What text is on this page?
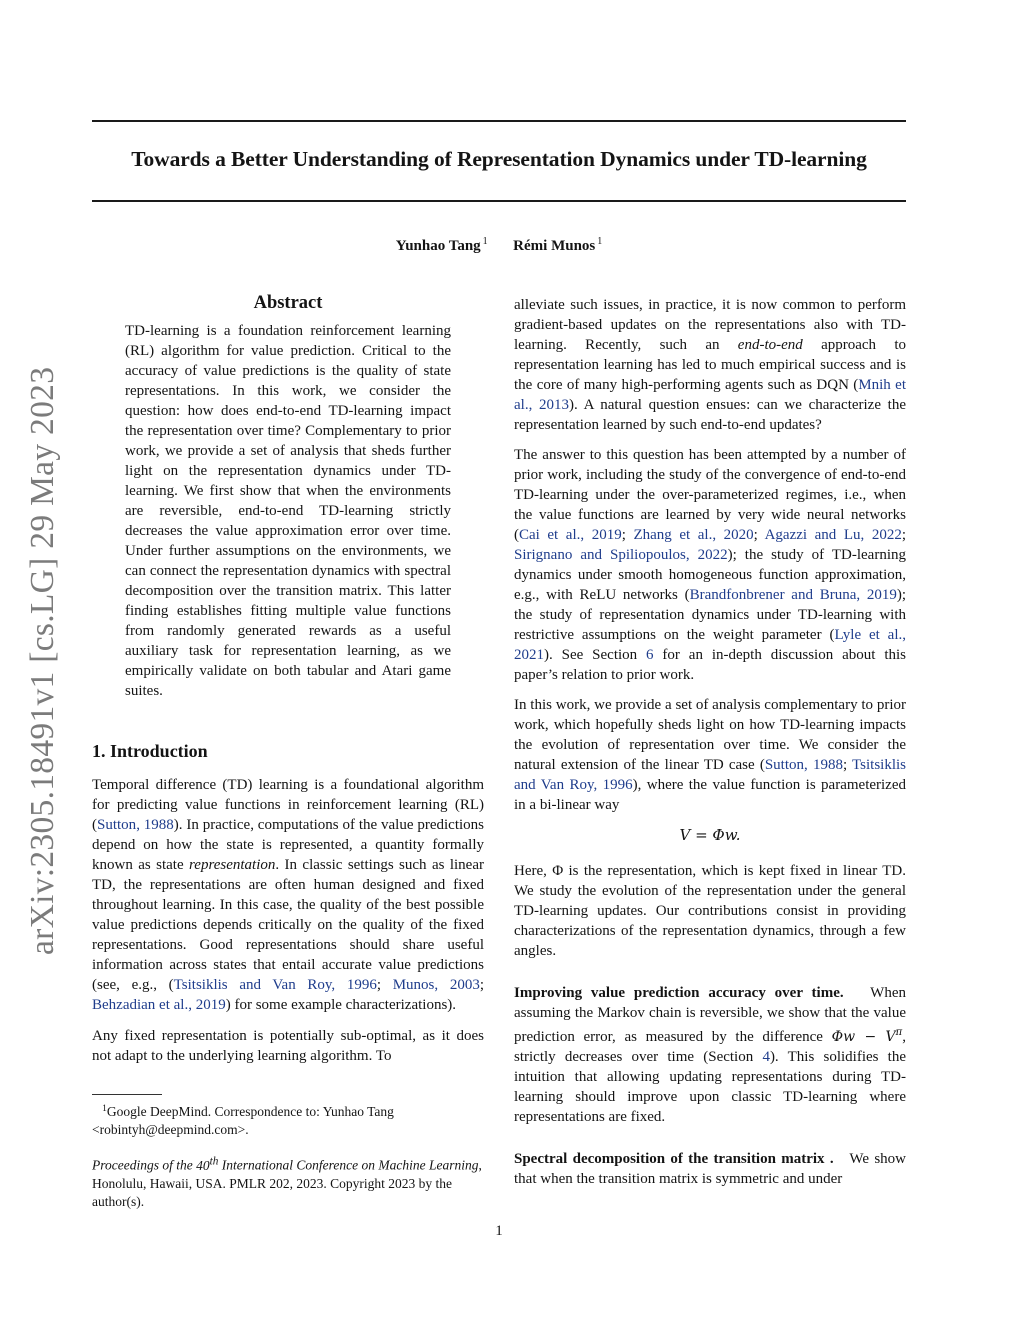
Towards a Better Understanding of Representation Dynamics under TD-learning
Yunhao Tang $^1$ Rémi Munos $^1$
arXiv:2305.18491v1 [cs.LG] 29 May 2023
Abstract
TD-learning is a foundation reinforcement learning (RL) algorithm for value prediction. Critical to the accuracy of value predictions is the quality of state representations. In this work, we consider the question: how does end-to-end TD-learning impact the representation over time? Complementary to prior work, we provide a set of analysis that sheds further light on the representation dynamics under TD-learning. We first show that when the environments are reversible, end-to-end TD-learning strictly decreases the value approximation error over time. Under further assumptions on the environments, we can connect the representation dynamics with spectral decomposition over the transition matrix. This latter finding establishes fitting multiple value functions from randomly generated rewards as a useful auxiliary task for representation learning, as we empirically validate on both tabular and Atari game suites.
1. Introduction

Temporal difference (TD) learning is a foundational algorithm for predicting value functions in reinforcement learning (RL) (Sutton, 1988). In practice, computations of the value predictions depend on how the state is represented, a quantity formally known as state representation. In classic settings such as linear TD, the representations are often human designed and fixed throughout learning. In this case, the quality of the best possible value predictions depends critically on the quality of the fixed representations. Good representations should share useful information across states that entail accurate value predictions (see, e.g., (Tsitsiklis and Van Roy, 1996; Munos, 2003; Behzadian et al., 2019) for some example characterizations).

Any fixed representation is potentially sub-optimal, as it does not adapt to the underlying learning algorithm. To

$^1$Google DeepMind. Correspondence to: Yunhao Tang <robintyh@deepmind.com>.
Proceedings of the 40th International Conference on Machine Learning, Honolulu, Hawaii, USA. PMLR 202, 2023. Copyright 2023 by the author(s).

alleviate such issues, in practice, it is now common to perform gradient-based updates on the representations also with TD-learning. Recently, such an end-to-end approach to representation learning has led to much empirical success and is the core of many high-performing agents such as DQN (Mnih et al., 2013). A natural question ensues: can we characterize the representation learned by such end-to-end updates?

The answer to this question has been attempted by a number of prior work, including the study of the convergence of end-to-end TD-learning under the over-parameterized regimes, i.e., when the value functions are learned by very wide neural networks (Cai et al., 2019; Zhang et al., 2020; Agazzi and Lu, 2022; Sirignano and Spiliopoulos, 2022); the study of TD-learning dynamics under smooth homogeneous function approximation, e.g., with ReLU networks (Brandfonbrener and Bruna, 2019); the study of representation dynamics under TD-learning with restrictive assumptions on the weight parameter (Lyle et al., 2021). See Section 6 for an in-depth discussion about this paper’s relation to prior work.

In this work, we provide a set of analysis complementary to prior work, which hopefully sheds light on how TD-learning impacts the evolution of representation over time. We consider the natural extension of the linear TD case (Sutton, 1988; Tsitsiklis and Van Roy, 1996), where the value function is parameterized in a bi-linear way

V = Φw.

Here, Φ is the representation, which is kept fixed in linear TD. We study the evolution of the representation under the general TD-learning updates. Our contributions consist in providing characterizations of the representation dynamics, through a few angles.

Improving value prediction accuracy over time. When assuming the Markov chain is reversible, we show that the value prediction error, as measured by the difference $\Phi w - V^\pi$, strictly decreases over time (Section 4). This solidifies the intuition that allowing updating representations during TD-learning should improve upon classic TD-learning where representations are fixed.

Spectral decomposition of the transition matrix . We show that when the transition matrix is symmetric and under

1
